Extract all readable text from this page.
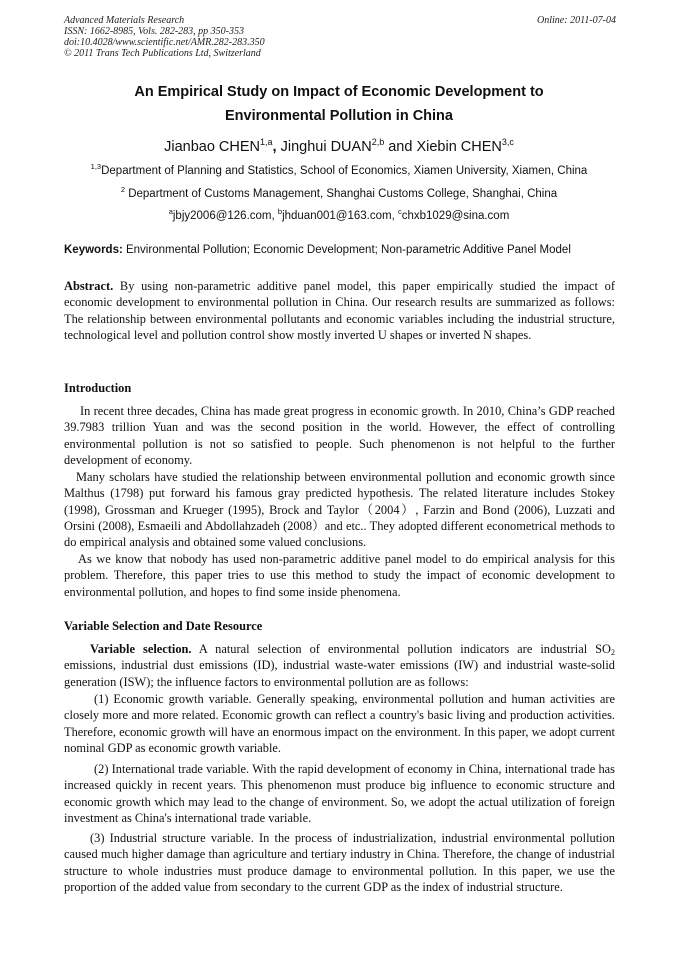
Advanced Materials Research
ISSN: 1662-8985, Vols. 282-283, pp 350-353
doi:10.4028/www.scientific.net/AMR.282-283.350
© 2011 Trans Tech Publications Ltd, Switzerland
Online: 2011-07-04
An Empirical Study on Impact of Economic Development to
Environmental Pollution in China
Jianbao CHEN$^{1,a}$, Jinghui DUAN$^{2,b}$ and Xiebin CHEN$^{3,c}$
$^{1,3}$Department of Planning and Statistics, School of Economics, Xiamen University, Xiamen, China
$^2$ Department of Customs Management, Shanghai Customs College, Shanghai, China
$^a$jbjy2006@126.com, $^b$jhduan001@163.com, $^c$chxb1029@sina.com
Keywords: Environmental Pollution; Economic Development; Non-parametric Additive Panel Model

Abstract. By using non-parametric additive panel model, this paper empirically studied the impact of economic development to environmental pollution in China. Our research results are summarized as follows: The relationship between environmental pollutants and economic variables including the industrial structure, technological level and pollution control show mostly inverted U shapes or inverted N shapes.

Introduction

In recent three decades, China has made great progress in economic growth. In 2010, China’s GDP reached 39.7983 trillion Yuan and was the second position in the world. However, the effect of controlling environmental pollution is not so satisfied to people. Such phenomenon is not helpful to the further development of economy.

Many scholars have studied the relationship between environmental pollution and economic growth since Malthus (1798) put forward his famous gray predicted hypothesis. The related literature includes Stokey (1998), Grossman and Krueger (1995), Brock and Taylor（2004）, Farzin and Bond (2006), Luzzati and Orsini (2008), Esmaeili and Abdollahzadeh (2008）and etc.. They adopted different econometrical methods to do empirical analysis and obtained some valued conclusions.

As we know that nobody has used non-parametric additive panel model to do empirical analysis for this problem. Therefore, this paper tries to use this method to study the impact of economic development to environmental pollution, and hopes to find some inside phenomena.

Variable Selection and Date Resource

Variable selection. A natural selection of environmental pollution indicators are industrial $SO_2$ emissions, industrial dust emissions (ID), industrial waste-water emissions (IW) and industrial waste-solid generation (ISW); the influence factors to environmental pollution are as follows:

(1) Economic growth variable. Generally speaking, environmental pollution and human activities are closely more and more related. Economic growth can reflect a country's basic living and production activities. Therefore, economic growth will have an enormous impact on the environment. In this paper, we adopt current nominal GDP as economic growth variable.

(2) International trade variable. With the rapid development of economy in China, international trade has increased quickly in recent years. This phenomenon must produce big influence to economic structure and economic growth which may lead to the change of environment. So, we adopt the actual utilization of foreign investment as China's international trade variable.

(3) Industrial structure variable. In the process of industrialization, industrial environmental pollution caused much higher damage than agriculture and tertiary industry in China. Therefore, the change of industrial structure to whole industries must produce damage to environmental pollution. In this paper, we use the proportion of the added value from secondary to the current GDP as the index of industrial structure.
